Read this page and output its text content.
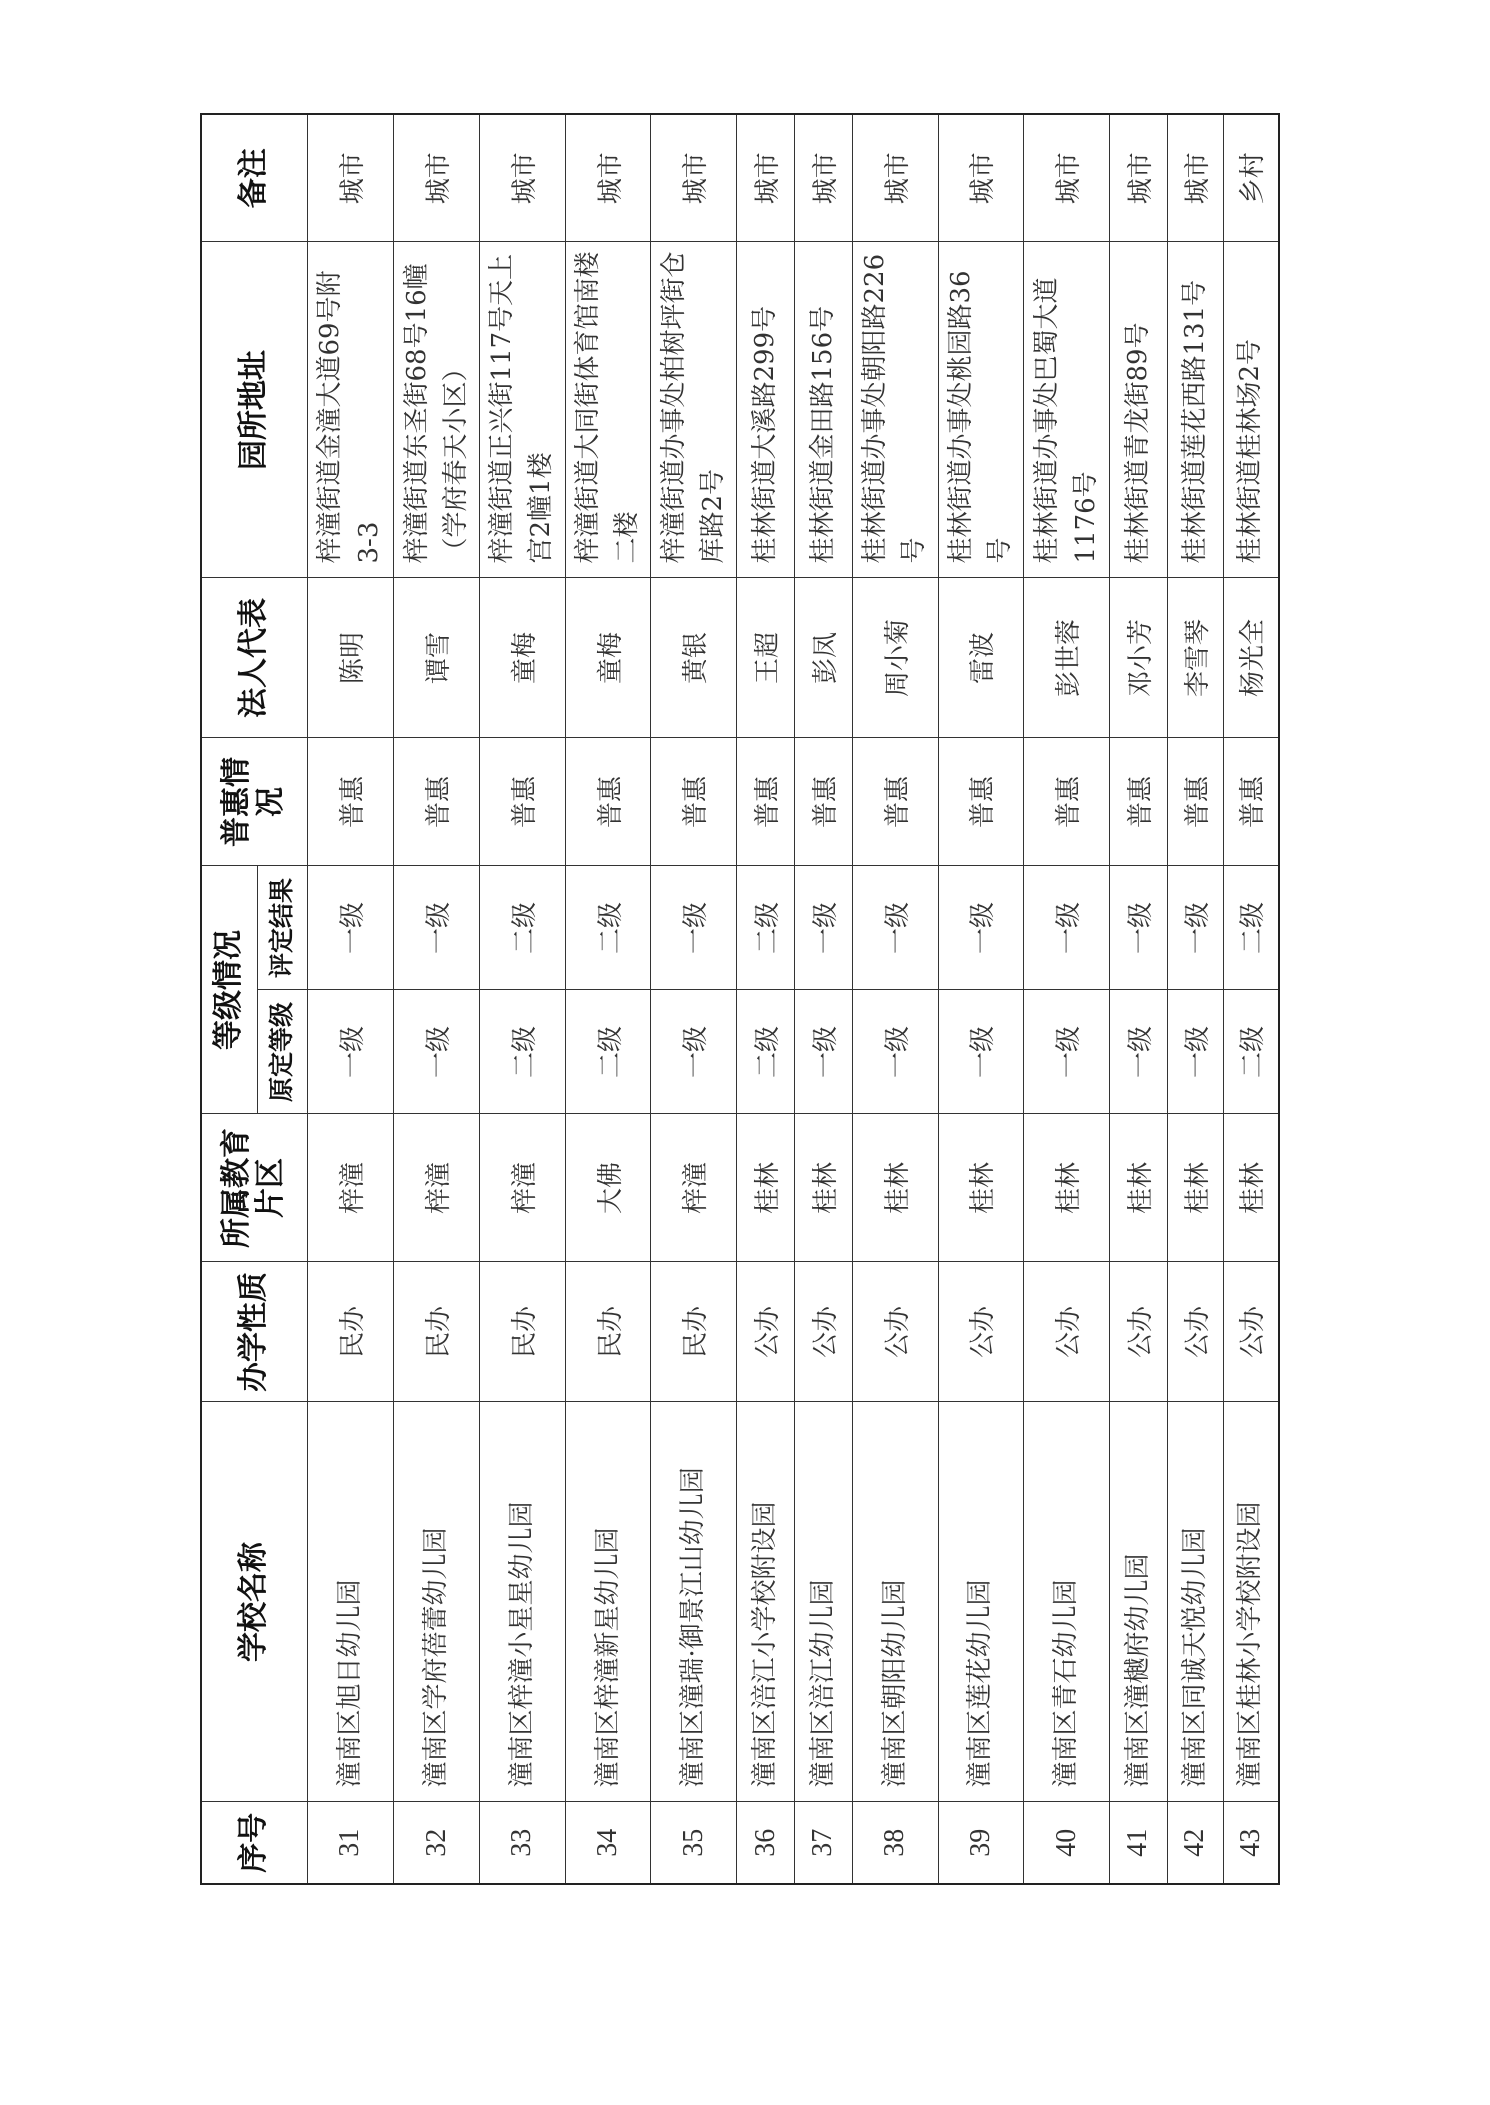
序号	学校名称	办学性质	所属教育片区	等级情况		普惠情况	法人代表	园所地址	备注
				原定等级	评定结果				
31	潼南区旭日幼儿园	民办	梓潼	一级	一级	普惠	陈明	梓潼街道金潼大道69号附3-3	城市
32	潼南区学府蓓蕾幼儿园	民办	梓潼	一级	一级	普惠	谭雪	梓潼街道东圣街68号16幢（学府春天小区）	城市
33	潼南区梓潼小星星幼儿园	民办	梓潼	二级	二级	普惠	童梅	梓潼街道正兴街117号天上宫2幢1楼	城市
34	潼南区梓潼新星幼儿园	民办	大佛	二级	二级	普惠	童梅	梓潼街道大同街体育馆南楼二楼	城市
35	潼南区潼瑞·御景江山幼儿园	民办	梓潼	一级	一级	普惠	黄银	梓潼街道办事处柏树坪街仓库路2号	城市
36	潼南区涪江小学校附设园	公办	桂林	二级	二级	普惠	王超	桂林街道大溪路299号	城市
37	潼南区涪江幼儿园	公办	桂林	一级	一级	普惠	彭凤	桂林街道金田路156号	城市
38	潼南区朝阳幼儿园	公办	桂林	一级	一级	普惠	周小菊	桂林街道办事处朝阳路226号	城市
39	潼南区莲花幼儿园	公办	桂林	一级	一级	普惠	雷波	桂林街道办事处桃园路36号	城市
40	潼南区青石幼儿园	公办	桂林	一级	一级	普惠	彭世蓉	桂林街道办事处巴蜀大道1176号	城市
41	潼南区潼樾府幼儿园	公办	桂林	一级	一级	普惠	邓小芳	桂林街道青龙街89号	城市
42	潼南区同诚天悦幼儿园	公办	桂林	一级	一级	普惠	李雪琴	桂林街道莲花西路131号	城市
43	潼南区桂林小学校附设园	公办	桂林	二级	二级	普惠	杨光全	桂林街道桂林场2号	乡村
